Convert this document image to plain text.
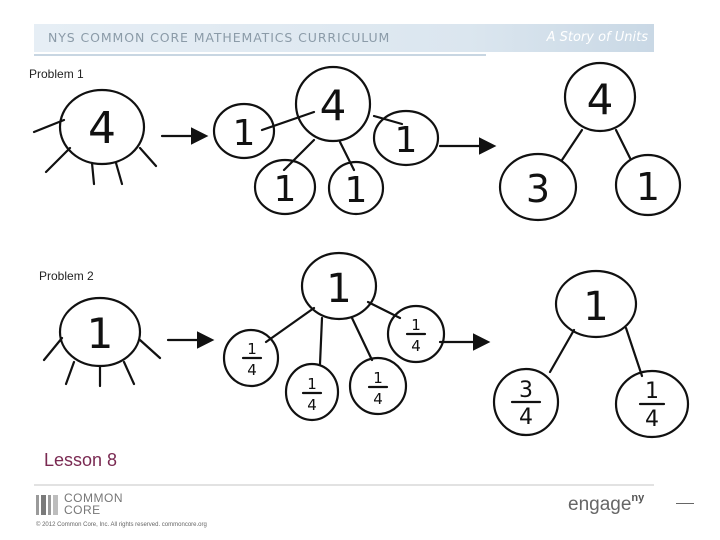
NYS COMMON CORE MATHEMATICS CURRICULUM	A Story of Units
Problem 1
Problem 2
4	4
1	1
1 1
4
3 1
1
1
1
4
1
4
1
4
1
4
1
3
4
1
4
Lesson 8
COMMON CORE
© 2012 Common Core, Inc. All rights reserved. commoncore.org
engage$^{ny}$
